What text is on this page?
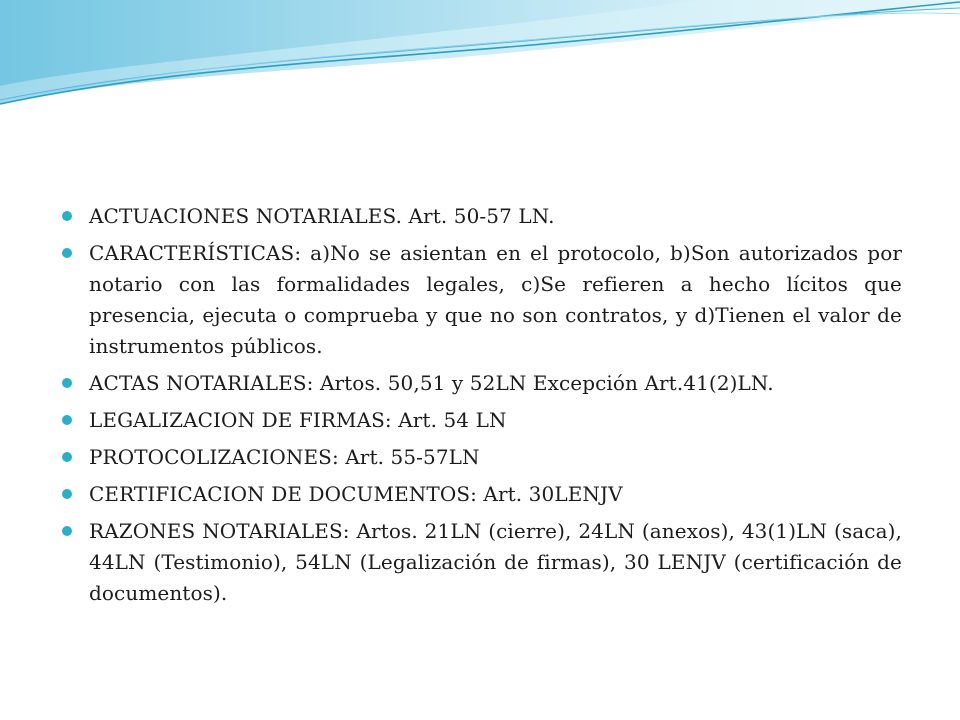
ACTUACIONES NOTARIALES. Art. 50-57 LN.
CARACTERÍSTICAS: a)No se asientan en el protocolo, b)Son autorizados por notario con las formalidades legales, c)Se refieren a hecho lícitos que presencia, ejecuta o comprueba y que no son contratos, y d)Tienen el valor de instrumentos públicos.
ACTAS NOTARIALES: Artos. 50,51 y 52LN Excepción Art.41(2)LN.
LEGALIZACION DE FIRMAS: Art. 54 LN
PROTOCOLIZACIONES: Art. 55-57LN
CERTIFICACION DE DOCUMENTOS: Art. 30LENJV
RAZONES NOTARIALES: Artos. 21LN (cierre), 24LN (anexos), 43(1)LN (saca), 44LN (Testimonio), 54LN (Legalización de firmas), 30 LENJV (certificación de documentos).
